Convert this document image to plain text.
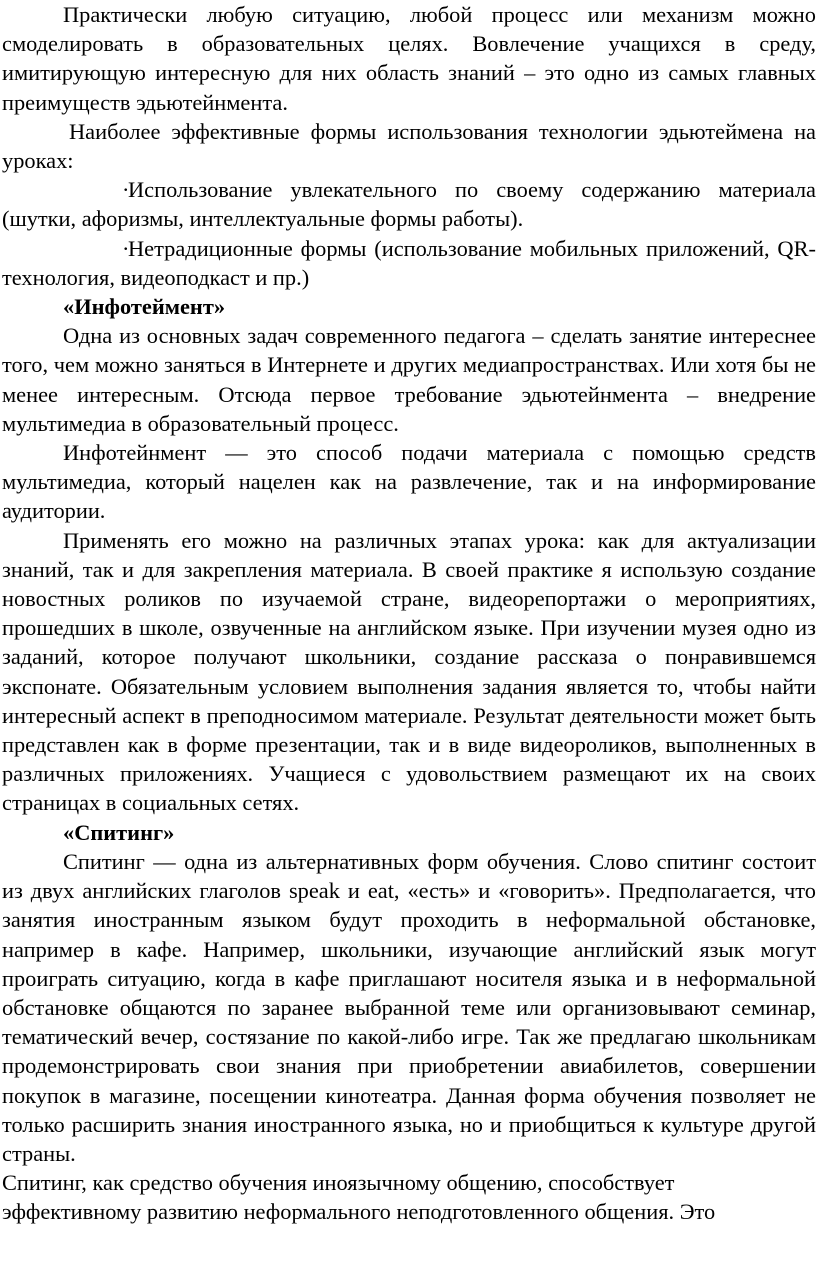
Практически любую ситуацию, любой процесс или механизм можно смоделировать в образовательных целях. Вовлечение учащихся в среду, имитирующую интересную для них область знаний – это одно из самых главных преимуществ эдьютейнмента.

Наиболее эффективные формы использования технологии эдьютеймена на уроках:

·Использование увлекательного по своему содержанию материала (шутки, афоризмы, интеллектуальные формы работы).

·Нетрадиционные формы (использование мобильных приложений, QR-технология, видеоподкаст и пр.)

«Инфотеймент»

Одна из основных задач современного педагога – сделать занятие интереснее того, чем можно заняться в Интернете и других медиапространствах. Или хотя бы не менее интересным. Отсюда первое требование эдьютейнмента – внедрение мультимедиа в образовательный процесс.

Инфотейнмент — это способ подачи материала с помощью средств мультимедиа, который нацелен как на развлечение, так и на информирование аудитории.

Применять его можно на различных этапах урока: как для актуализации знаний, так и для закрепления материала. В своей практике я использую создание новостных роликов по изучаемой стране, видеорепортажи о мероприятиях, прошедших в школе, озвученные на английском языке. При изучении музея одно из заданий, которое получают школьники, создание рассказа о понравившемся экспонате. Обязательным условием выполнения задания является то, чтобы найти интересный аспект в преподносимом материале. Результат деятельности может быть представлен как в форме презентации, так и в виде видеороликов, выполненных в различных приложениях. Учащиеся с удовольствием размещают их на своих страницах в социальных сетях.

«Спитинг»

Спитинг — одна из альтернативных форм обучения. Слово спитинг состоит из двух английских глаголов speak и eat, «есть» и «говорить». Предполагается, что занятия иностранным языком будут проходить в неформальной обстановке, например в кафе. Например, школьники, изучающие английский язык могут проиграть ситуацию, когда в кафе приглашают носителя языка и в неформальной обстановке общаются по заранее выбранной теме или организовывают семинар, тематический вечер, состязание по какой-либо игре. Так же предлагаю школьникам продемонстрировать свои знания при приобретении авиабилетов, совершении покупок в магазине, посещении кинотеатра. Данная форма обучения позволяет не только расширить знания иностранного языка, но и приобщиться к культуре другой страны.

Спитинг, как средство обучения иноязычному общению, способствует эффективному развитию неформального неподготовленного общения. Это
